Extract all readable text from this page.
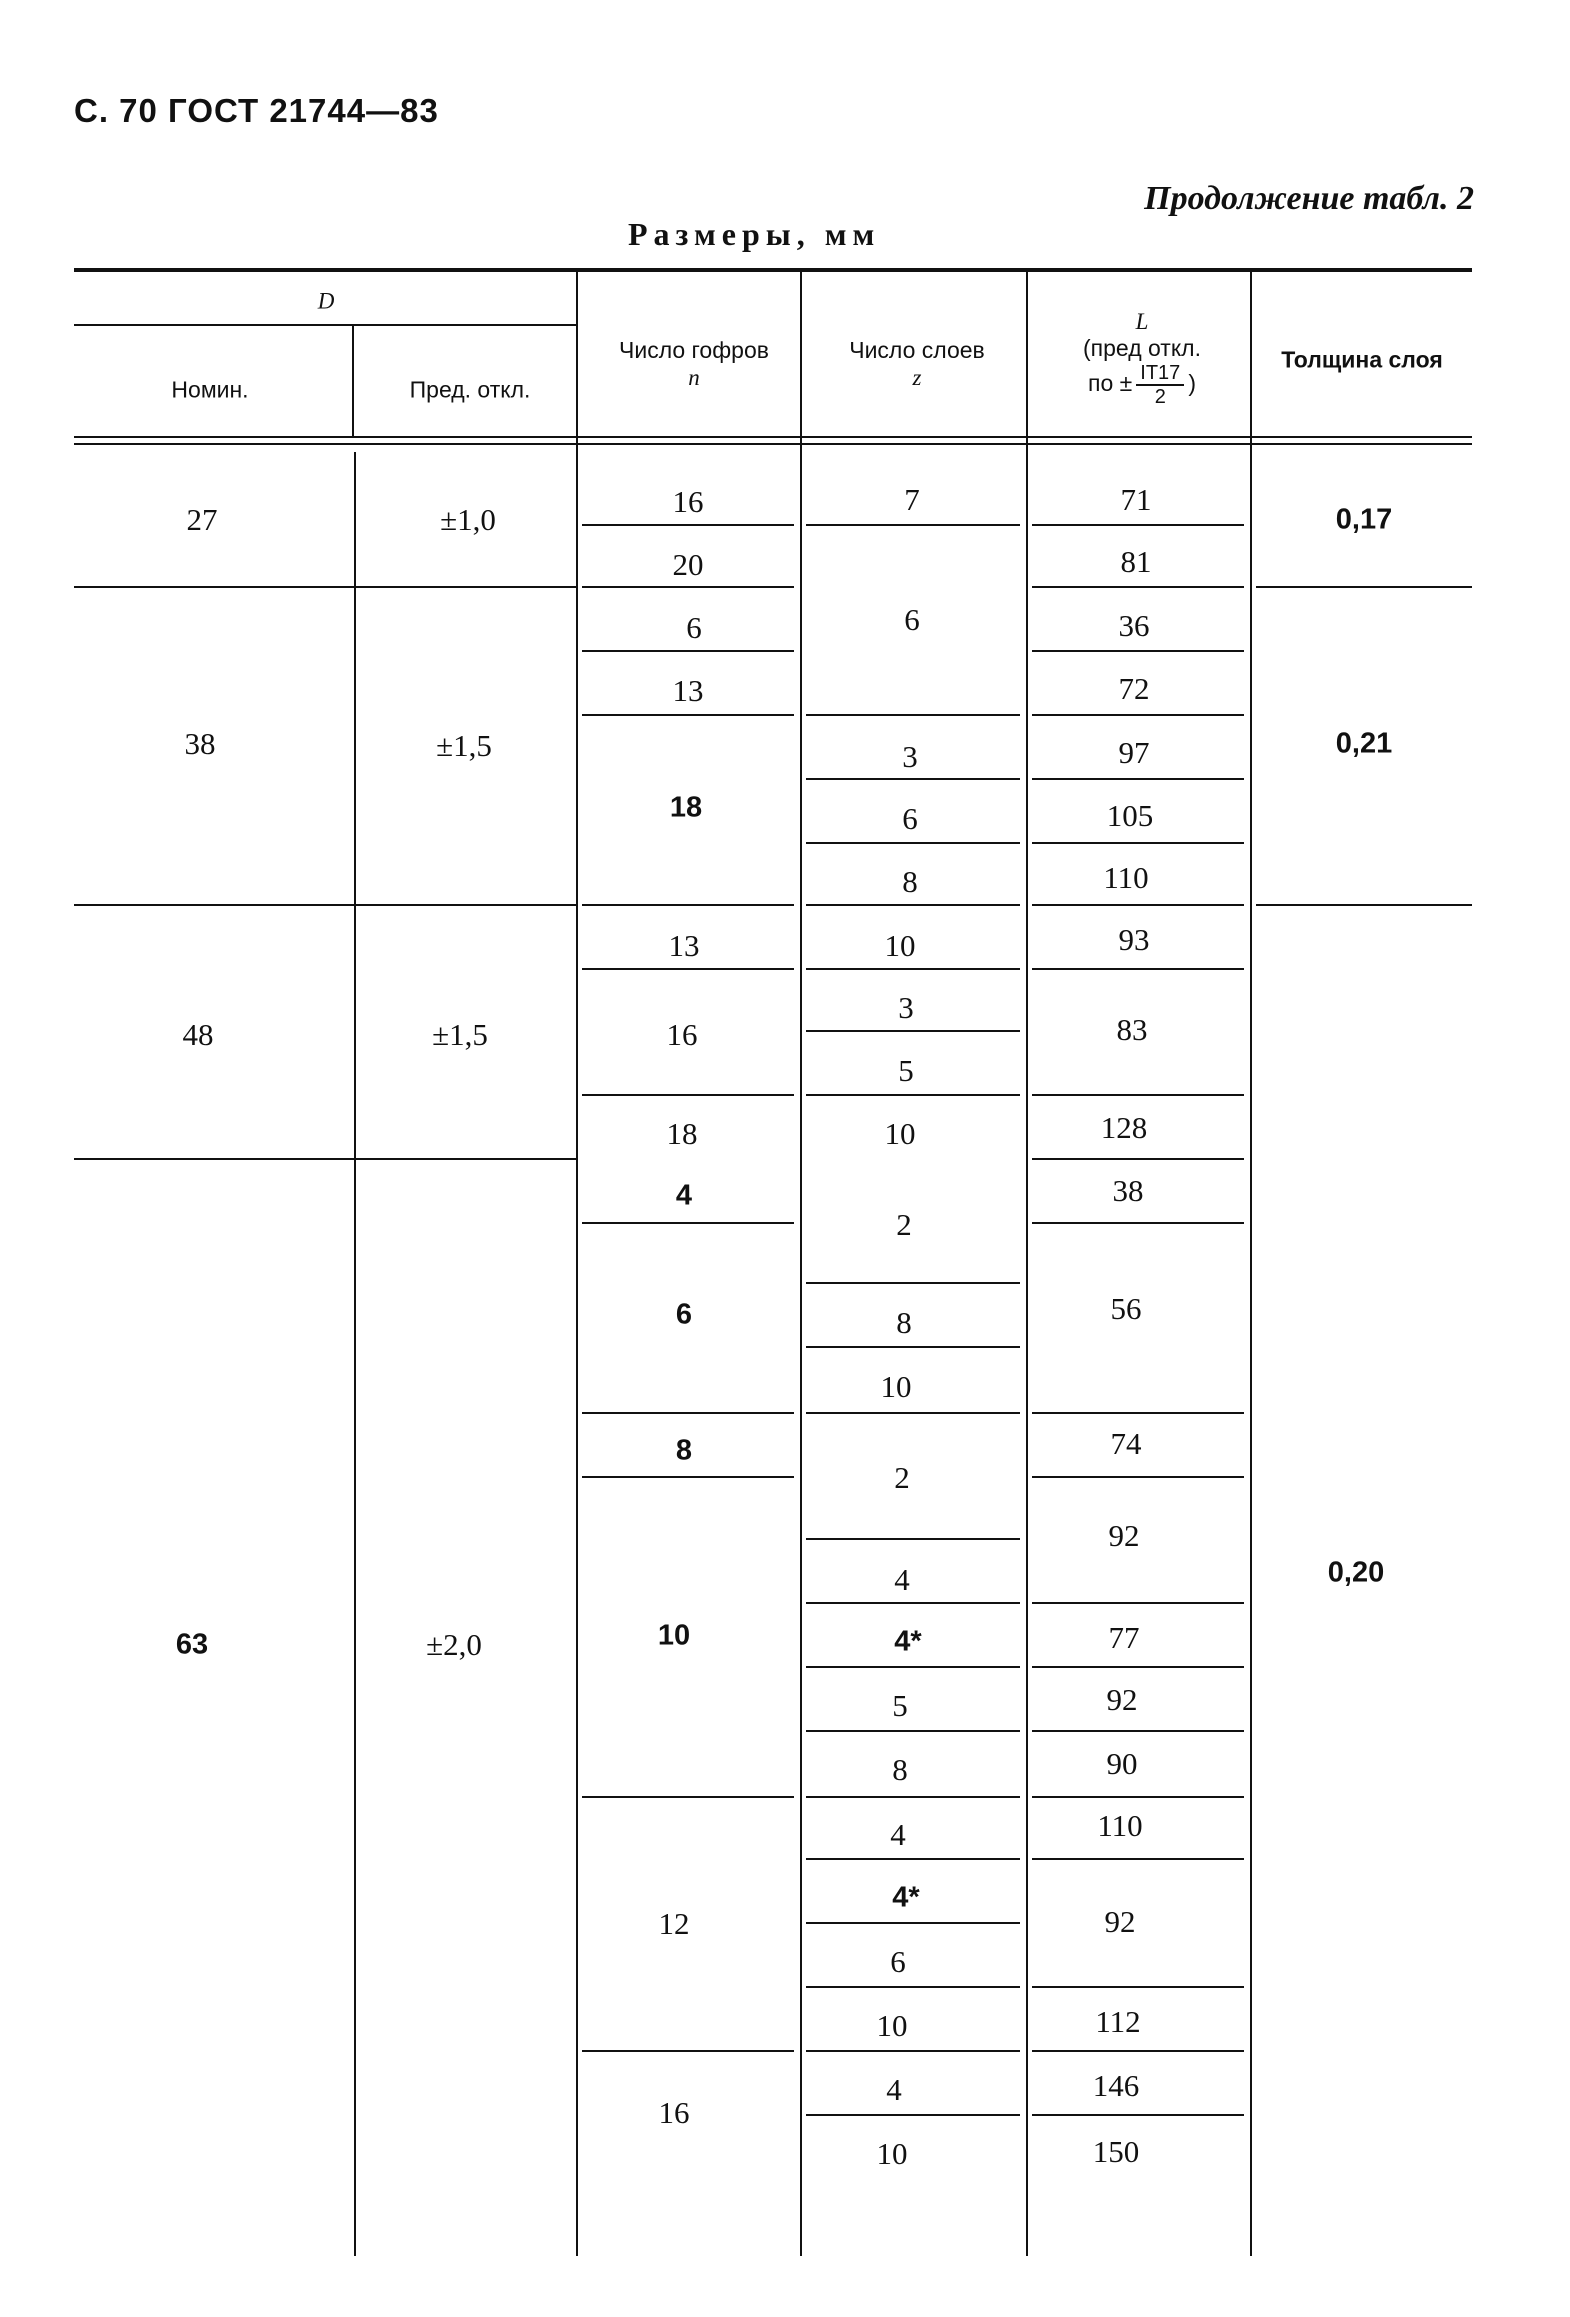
С. 70 ГОСТ 21744—83
Продолжение табл. 2
Размеры, мм
D
Номин.	Пред. откл.
Число гофров
n
Число слоев
z
L
(пред откл.
по ± $\frac{IT17}{2}$ )
Толщина слоя
27
38
48
63
±1,0
±1,5
±1,5
±2,0
16
20
6
13
18
13
16
18
4
6
8
10
12
16
7
6
3
6
8
10
3
5
10
2
8
10
2
4
4*
5
8
4
4*
6
10
4
10
71
81
36
72
97
105
110
93
83
128
38
56
74
92
77
92
90
110
92
112
146
150
0,17
0,21
0,20
